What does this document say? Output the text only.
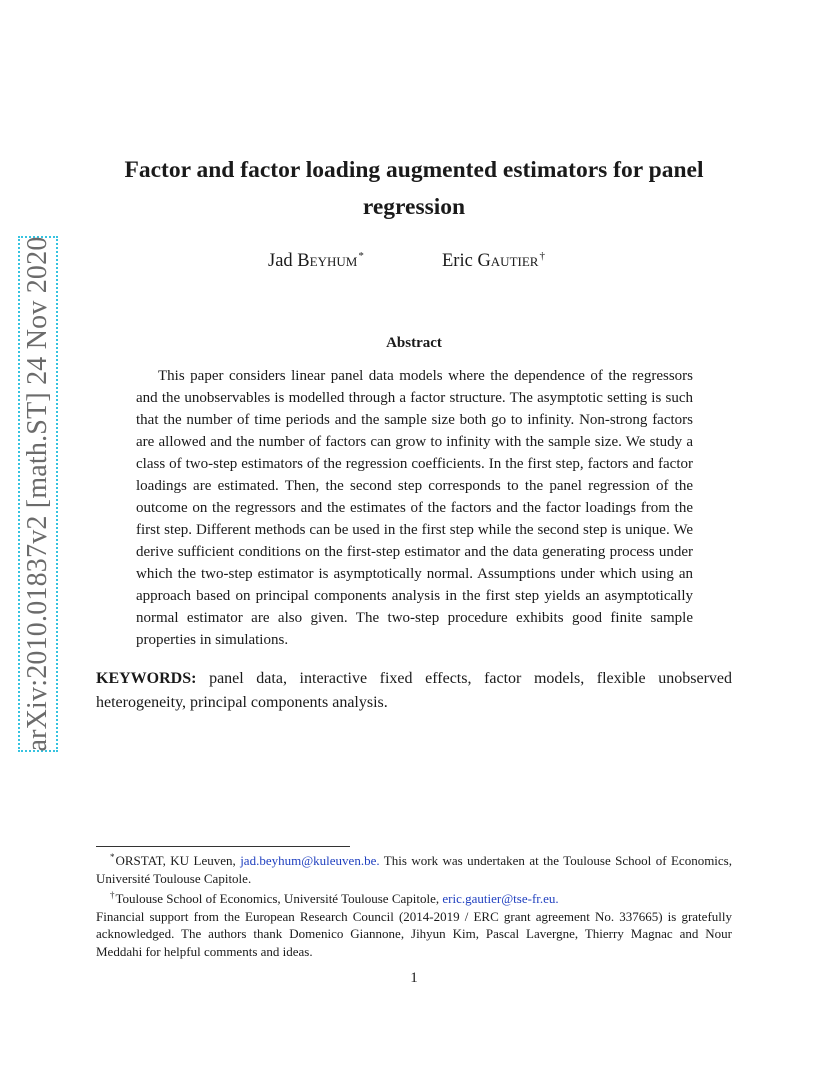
arXiv:2010.01837v2 [math.ST] 24 Nov 2020
Factor and factor loading augmented estimators for panel regression
Jad Beyhum*	Eric Gautier†
Abstract

This paper considers linear panel data models where the dependence of the regressors and the unobservables is modelled through a factor structure. The asymptotic setting is such that the number of time periods and the sample size both go to infinity. Non-strong factors are allowed and the number of factors can grow to infinity with the sample size. We study a class of two-step estimators of the regression coefficients. In the first step, factors and factor loadings are estimated. Then, the second step corresponds to the panel regression of the outcome on the regressors and the estimates of the factors and the factor loadings from the first step. Different methods can be used in the first step while the second step is unique. We derive sufficient conditions on the first-step estimator and the data generating process under which the two-step estimator is asymptotically normal. Assumptions under which using an approach based on principal components analysis in the first step yields an asymptotically normal estimator are also given. The two-step procedure exhibits good finite sample properties in simulations.

KEYWORDS: panel data, interactive fixed effects, factor models, flexible unobserved heterogeneity, principal components analysis.

*ORSTAT, KU Leuven, jad.beyhum@kuleuven.be. This work was undertaken at the Toulouse School of Economics, Université Toulouse Capitole.

†Toulouse School of Economics, Université Toulouse Capitole, eric.gautier@tse-fr.eu.

Financial support from the European Research Council (2014-2019 / ERC grant agreement No. 337665) is gratefully acknowledged. The authors thank Domenico Giannone, Jihyun Kim, Pascal Lavergne, Thierry Magnac and Nour Meddahi for helpful comments and ideas.

1
